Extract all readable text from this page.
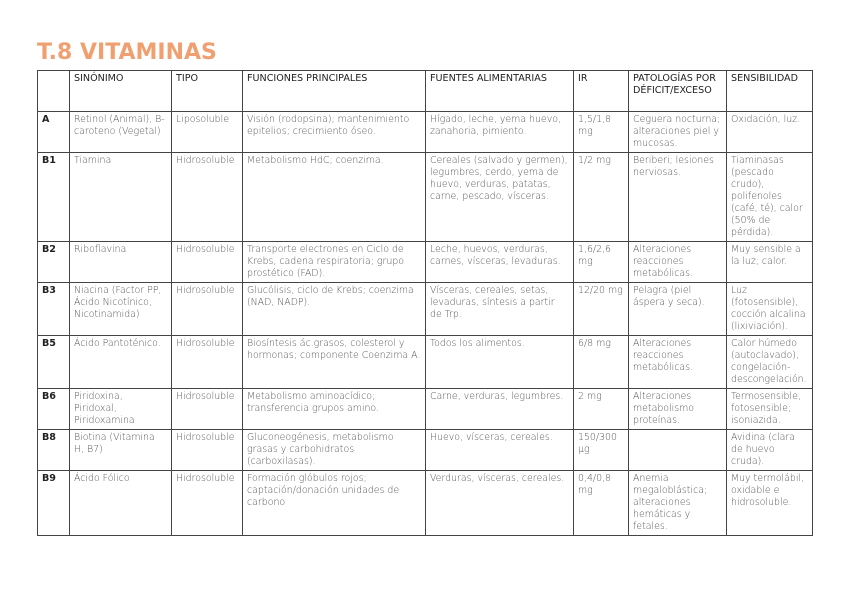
T.8 VITAMINAS
	SINÓNIMO	TIPO	FUNCIONES PRINCIPALES	FUENTES ALIMENTARIAS	IR	PATOLOGÍAS POR DÉFICIT/EXCESO	SENSIBILIDAD
A	Retinol (Animal), B-caroteno (Vegetal)	Liposoluble	Visión (rodopsina); mantenimiento epitelios; crecimiento óseo.	Hígado, leche, yema huevo, zanahoria, pimiento.	1,5/1,8 mg	Ceguera nocturna; alteraciones piel y mucosas.	Oxidación, luz.
B1	Tiamina	Hidrosoluble	Metabolismo HdC; coenzima.	Cereales (salvado y germen), legumbres, cerdo, yema de huevo, verduras, patatas, carne, pescado, vísceras.	1/2 mg	Beriberi; lesiones nerviosas.	Tiaminasas (pescado crudo), polifenoles (café, té), calor (50% de pérdida).
B2	Riboflavina	Hidrosoluble	Transporte electrones en Ciclo de Krebs, cadena respiratoria; grupo prostético (FAD).	Leche, huevos, verduras, carnes, vísceras, levaduras.	1,6/2,6 mg	Alteraciones reacciones metabólicas.	Muy sensible a la luz; calor.
B3	Niacina (Factor PP, Ácido Nicotínico, Nicotinamida)	Hidrosoluble	Glucólisis, ciclo de Krebs; coenzima (NAD, NADP).	Vísceras, cereales, setas, levaduras, síntesis a partir de Trp.	12/20 mg	Pelagra (piel áspera y seca).	Luz (fotosensible), cocción alcalina (lixiviación).
B5	Ácido Pantoténico.	Hidrosoluble	Biosíntesis ác.grasos, colesterol y hormonas; componente Coenzima A.	Todos los alimentos.	6/8 mg	Alteraciones reacciones metabólicas.	Calor húmedo (autoclavado), congelación-descongelación.
B6	Piridoxina, Piridoxal, Piridoxamina	Hidrosoluble	Metabolismo aminoacídico; transferencia grupos amino.	Carne, verduras, legumbres.	2 mg	Alteraciones metabolismo proteínas.	Termosensible, fotosensible; isoniazida.
B8	Biotina (Vitamina H, B7)	Hidrosoluble	Gluconeogénesis, metabolismo grasas y carbohidratos (carboxilasas).	Huevo, vísceras, cereales.	150/300 µg		Avidina (clara de huevo cruda).
B9	Ácido Fólico	Hidrosoluble	Formación glóbulos rojos; captación/donación unidades de carbono	Verduras, vísceras, cereales.	0,4/0,8 mg	Anemia megaloblástica; alteraciones hemáticas y fetales.	Muy termolábil, oxidable e hidrosoluble.
